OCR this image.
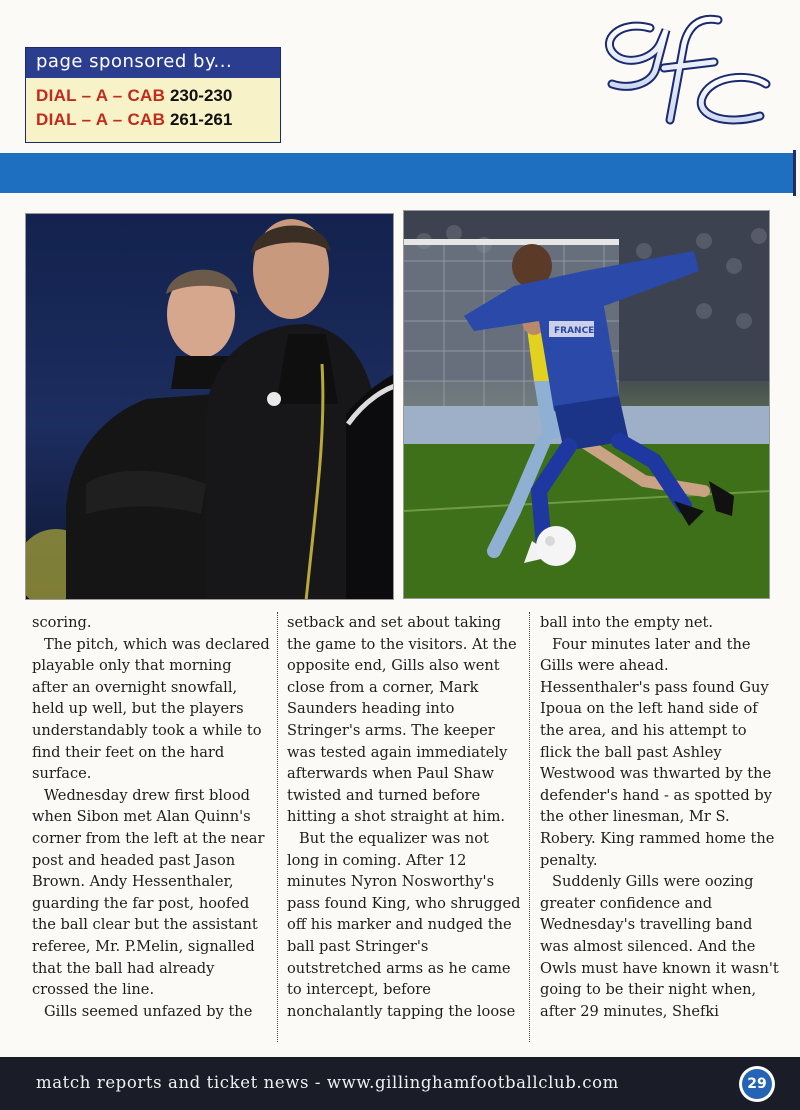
page sponsored by...
DIAL – A – CAB 230-230
DIAL – A – CAB 261-261
FRANCE

scoring.

The pitch, which was declared playable only that morning after an overnight snowfall, held up well, but the players understandably took a while to find their feet on the hard surface.

Wednesday drew first blood when Sibon met Alan Quinn's corner from the left at the near post and headed past Jason Brown. Andy Hessenthaler, guarding the far post, hoofed the ball clear but the assistant referee, Mr. P.Melin, signalled that the ball had already crossed the line.

Gills seemed unfazed by the

setback and set about taking the game to the visitors. At the opposite end, Gills also went close from a corner, Mark Saunders heading into Stringer's arms. The keeper was tested again immediately afterwards when Paul Shaw twisted and turned before hitting a shot straight at him.

But the equalizer was not long in coming. After 12 minutes Nyron Nosworthy's pass found King, who shrugged off his marker and nudged the ball past Stringer's outstretched arms as he came to intercept, before nonchalantly tapping the loose

ball into the empty net.

Four minutes later and the Gills were ahead. Hessenthaler's pass found Guy Ipoua on the left hand side of the area, and his attempt to flick the ball past Ashley Westwood was thwarted by the defender's hand - as spotted by the other linesman, Mr S. Robery. King rammed home the penalty.

Suddenly Gills were oozing greater confidence and Wednesday's travelling band was almost silenced. And the Owls must have known it wasn't going to be their night when, after 29 minutes, Shefki

match reports and ticket news - www.gillinghamfootballclub.com	29
